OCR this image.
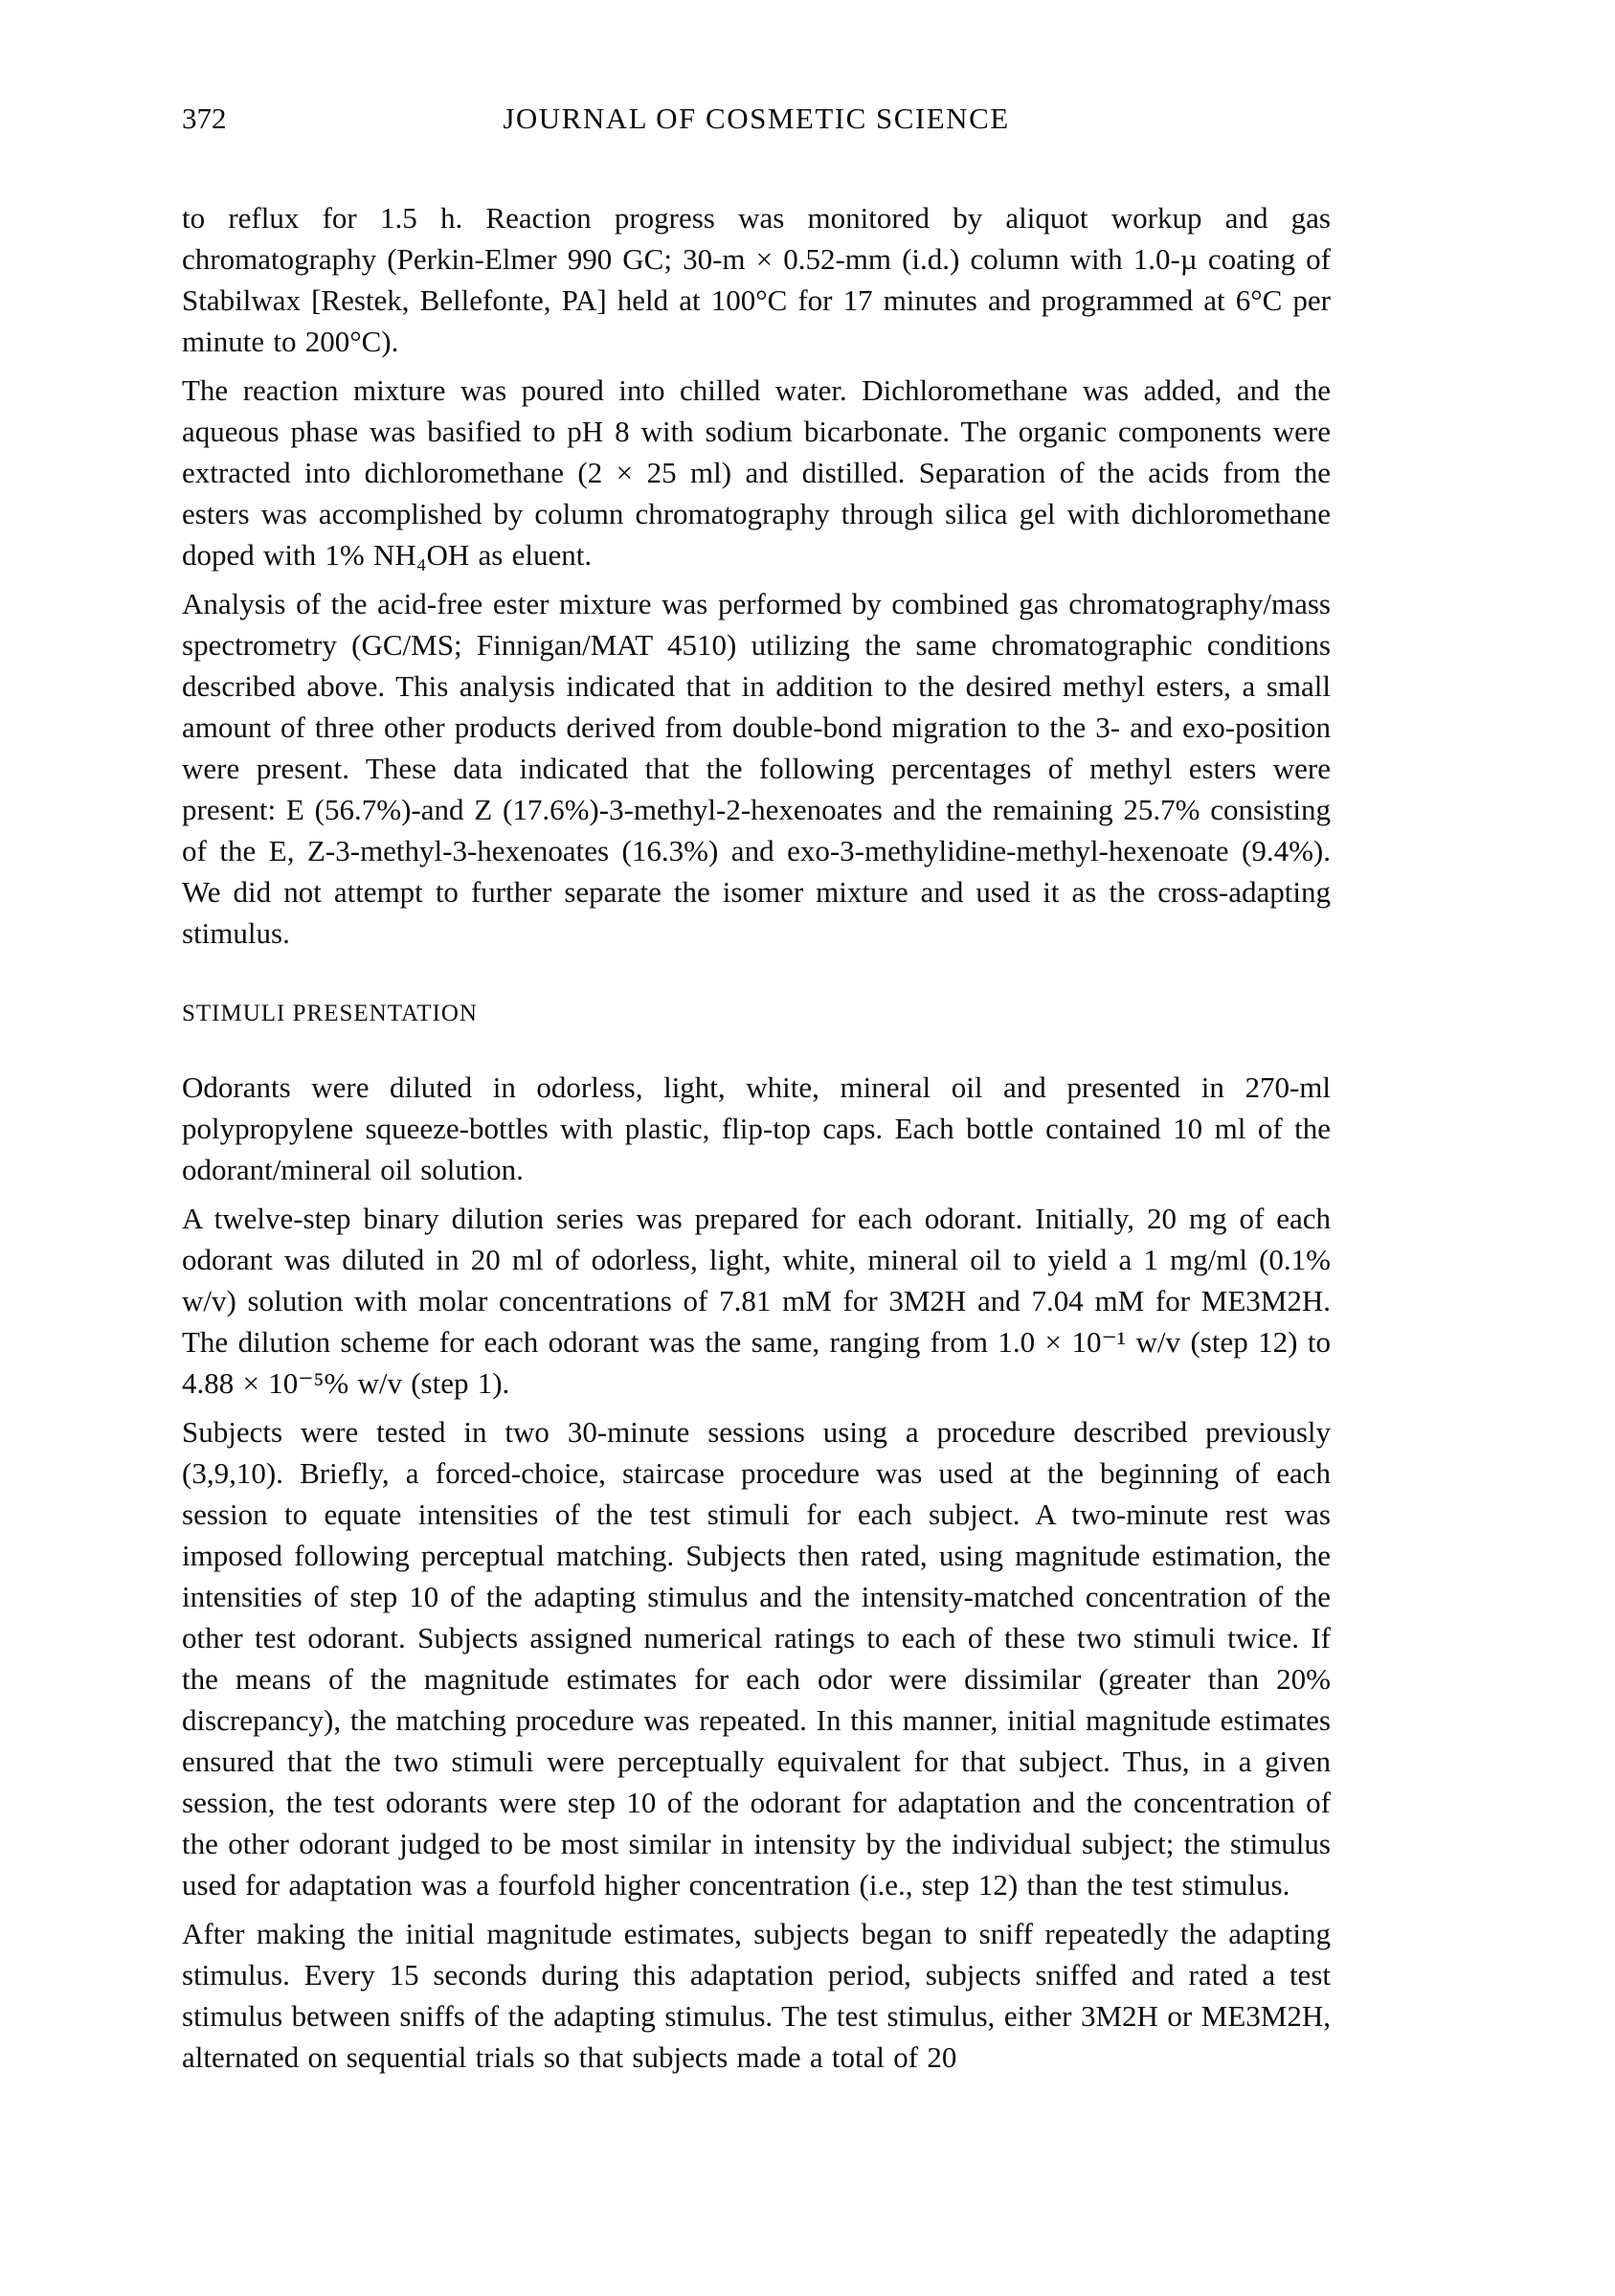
372	JOURNAL OF COSMETIC SCIENCE

to reflux for 1.5 h. Reaction progress was monitored by aliquot workup and gas chromatography (Perkin-Elmer 990 GC; 30-m × 0.52-mm (i.d.) column with 1.0-µ coating of Stabilwax [Restek, Bellefonte, PA] held at 100°C for 17 minutes and programmed at 6°C per minute to 200°C).

The reaction mixture was poured into chilled water. Dichloromethane was added, and the aqueous phase was basified to pH 8 with sodium bicarbonate. The organic components were extracted into dichloromethane (2 × 25 ml) and distilled. Separation of the acids from the esters was accomplished by column chromatography through silica gel with dichloromethane doped with 1% NH₄OH as eluent.

Analysis of the acid-free ester mixture was performed by combined gas chromatography/mass spectrometry (GC/MS; Finnigan/MAT 4510) utilizing the same chromatographic conditions described above. This analysis indicated that in addition to the desired methyl esters, a small amount of three other products derived from double-bond migration to the 3- and exo-position were present. These data indicated that the following percentages of methyl esters were present: E (56.7%)-and Z (17.6%)-3-methyl-2-hexenoates and the remaining 25.7% consisting of the E, Z-3-methyl-3-hexenoates (16.3%) and exo-3-methylidine-methyl-hexenoate (9.4%). We did not attempt to further separate the isomer mixture and used it as the cross-adapting stimulus.

STIMULI PRESENTATION

Odorants were diluted in odorless, light, white, mineral oil and presented in 270-ml polypropylene squeeze-bottles with plastic, flip-top caps. Each bottle contained 10 ml of the odorant/mineral oil solution.

A twelve-step binary dilution series was prepared for each odorant. Initially, 20 mg of each odorant was diluted in 20 ml of odorless, light, white, mineral oil to yield a 1 mg/ml (0.1% w/v) solution with molar concentrations of 7.81 mM for 3M2H and 7.04 mM for ME3M2H. The dilution scheme for each odorant was the same, ranging from 1.0 × 10⁻¹ w/v (step 12) to 4.88 × 10⁻⁵% w/v (step 1).

Subjects were tested in two 30-minute sessions using a procedure described previously (3,9,10). Briefly, a forced-choice, staircase procedure was used at the beginning of each session to equate intensities of the test stimuli for each subject. A two-minute rest was imposed following perceptual matching. Subjects then rated, using magnitude estimation, the intensities of step 10 of the adapting stimulus and the intensity-matched concentration of the other test odorant. Subjects assigned numerical ratings to each of these two stimuli twice. If the means of the magnitude estimates for each odor were dissimilar (greater than 20% discrepancy), the matching procedure was repeated. In this manner, initial magnitude estimates ensured that the two stimuli were perceptually equivalent for that subject. Thus, in a given session, the test odorants were step 10 of the odorant for adaptation and the concentration of the other odorant judged to be most similar in intensity by the individual subject; the stimulus used for adaptation was a fourfold higher concentration (i.e., step 12) than the test stimulus.

After making the initial magnitude estimates, subjects began to sniff repeatedly the adapting stimulus. Every 15 seconds during this adaptation period, subjects sniffed and rated a test stimulus between sniffs of the adapting stimulus. The test stimulus, either 3M2H or ME3M2H, alternated on sequential trials so that subjects made a total of 20
